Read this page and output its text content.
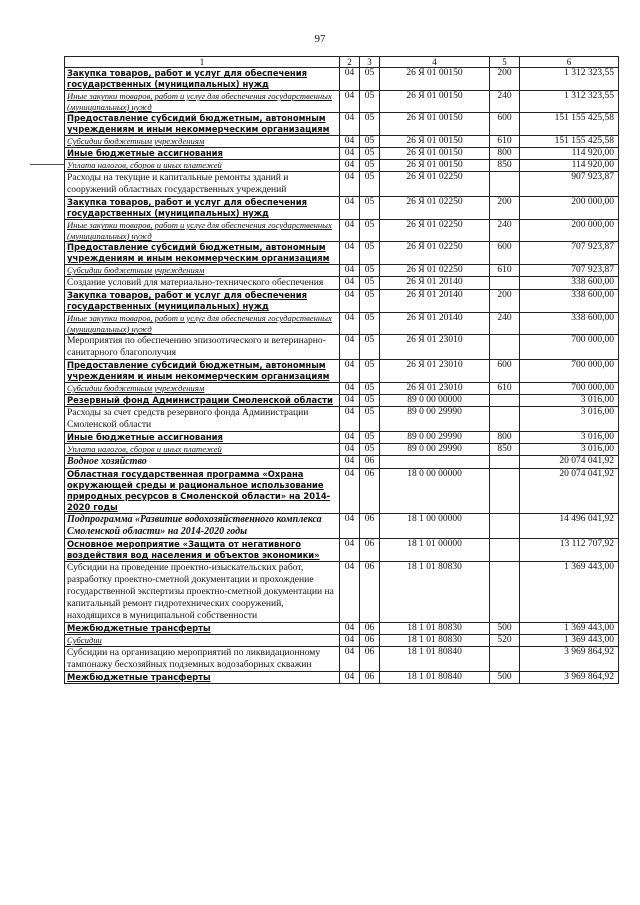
97
1	2	3	4	5	6
Закупка товаров, работ и услуг для обеспечения государственных (муниципальных) нужд	04	05	26 Я 01 00150	200	1 312 323,55
Иные закупки товаров, работ и услуг для обеспечения государственных (муниципальных) нужд	04	05	26 Я 01 00150	240	1 312 323,55
Предоставление субсидий бюджетным, автономным учреждениям и иным некоммерческим организациям	04	05	26 Я 01 00150	600	151 155 425,58
Субсидии бюджетным учреждениям	04	05	26 Я 01 00150	610	151 155 425,58
Иные бюджетные ассигнования	04	05	26 Я 01 00150	800	114 920,00
Уплата налогов, сборов и иных платежей	04	05	26 Я 01 00150	850	114 920,00
Расходы на текущие и капитальные ремонты зданий и сооружений областных государственных учреждений	04	05	26 Я 01 02250		907 923,87
Закупка товаров, работ и услуг для обеспечения государственных (муниципальных) нужд	04	05	26 Я 01 02250	200	200 000,00
Иные закупки товаров, работ и услуг для обеспечения государственных (муниципальных) нужд	04	05	26 Я 01 02250	240	200 000,00
Предоставление субсидий бюджетным, автономным учреждениям и иным некоммерческим организациям	04	05	26 Я 01 02250	600	707 923,87
Субсидии бюджетным учреждениям	04	05	26 Я 01 02250	610	707 923,87
Создание условий для материально-технического обеспечения	04	05	26 Я 01 20140		338 600,00
Закупка товаров, работ и услуг для обеспечения государственных (муниципальных) нужд	04	05	26 Я 01 20140	200	338 600,00
Иные закупки товаров, работ и услуг для обеспечения государственных (муниципальных) нужд	04	05	26 Я 01 20140	240	338 600,00
Мероприятия по обеспечению эпизоотического и ветеринарно-санитарного благополучия	04	05	26 Я 01 23010		700 000,00
Предоставление субсидий бюджетным, автономным учреждениям и иным некоммерческим организациям	04	05	26 Я 01 23010	600	700 000,00
Субсидии бюджетным учреждениям	04	05	26 Я 01 23010	610	700 000,00
Резервный фонд Администрации Смоленской области	04	05	89 0 00 00000		3 016,00
Расходы за счет средств резервного фонда Администрации Смоленской области	04	05	89 0 00 29990		3 016,00
Иные бюджетные ассигнования	04	05	89 0 00 29990	800	3 016,00
Уплата налогов, сборов и иных платежей	04	05	89 0 00 29990	850	3 016,00
Водное хозяйство	04	06			20 074 041,92
Областная государственная программа «Охрана окружающей среды и рациональное использование природных ресурсов в Смоленской области» на 2014-2020 годы	04	06	18 0 00 00000		20 074 041,92
Подпрограмма «Развитие водохозяйственного комплекса Смоленской области» на 2014-2020 годы	04	06	18 1 00 00000		14 496 041,92
Основное мероприятие «Защита от негативного воздействия вод населения и объектов экономики»	04	06	18 1 01 00000		13 112 707,92
Субсидии на проведение проектно-изыскательских работ, разработку проектно-сметной документации и прохождение государственной экспертизы проектно-сметной документации на капитальный ремонт гидротехнических сооружений, находящихся в муниципальной собственности	04	06	18 1 01 80830		1 369 443,00
Межбюджетные трансферты	04	06	18 1 01 80830	500	1 369 443,00
Субсидии	04	06	18 1 01 80830	520	1 369 443,00
Субсидии на организацию мероприятий по ликвидационному тампонажу бесхозяйных подземных водозаборных скважин	04	06	18 1 01 80840		3 969 864,92
Межбюджетные трансферты	04	06	18 1 01 80840	500	3 969 864,92
